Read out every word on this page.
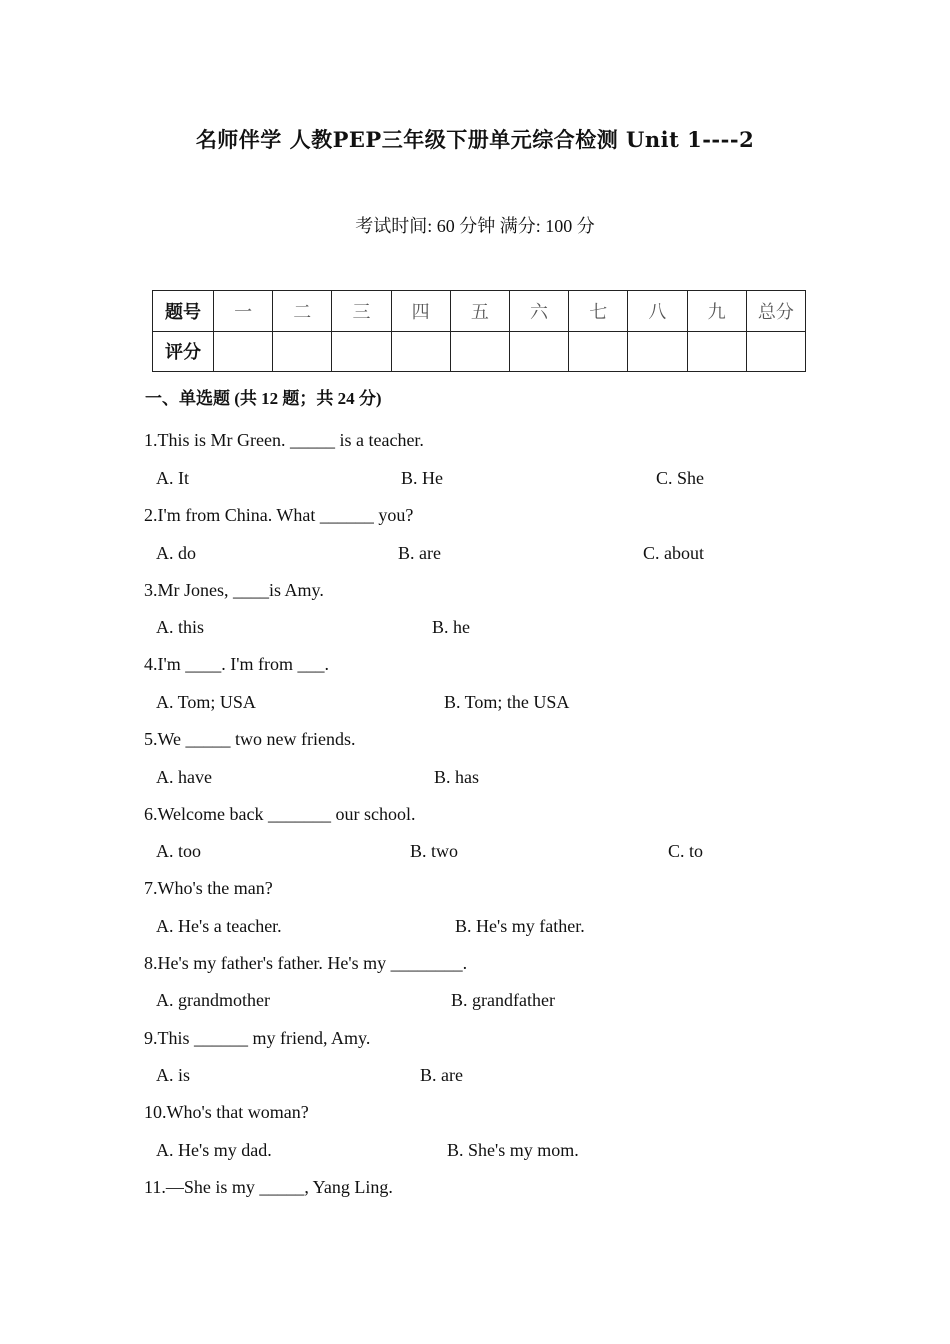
名师伴学 人教PEP三年级下册单元综合检测 Unit 1----2
考试时间: 60 分钟 满分: 100 分
题号	一	二	三	四	五	六	七	八	九	总分
评分										
一、单选题 (共 12 题；共 24 分)
1.This is Mr Green. _____ is a teacher.
A. It	B. He	C. She
2.I'm from China. What ______ you?
A. do	B. are	C. about
3.Mr Jones, ____is Amy.
A. this	B. he
4.I'm ____. I'm from ___.
A. Tom; USA	B. Tom; the USA
5.We _____ two new friends.
A. have	B. has
6.Welcome back _______ our school.
A. too	B. two	C. to
7.Who's the man?
A. He's a teacher.	B. He's my father.
8.He's my father's father. He's my ________.
A. grandmother	B. grandfather
9.This ______ my friend, Amy.
A. is	B. are
10.Who's that woman?
A. He's my dad.	B. She's my mom.
11.—She is my _____, Yang Ling.
